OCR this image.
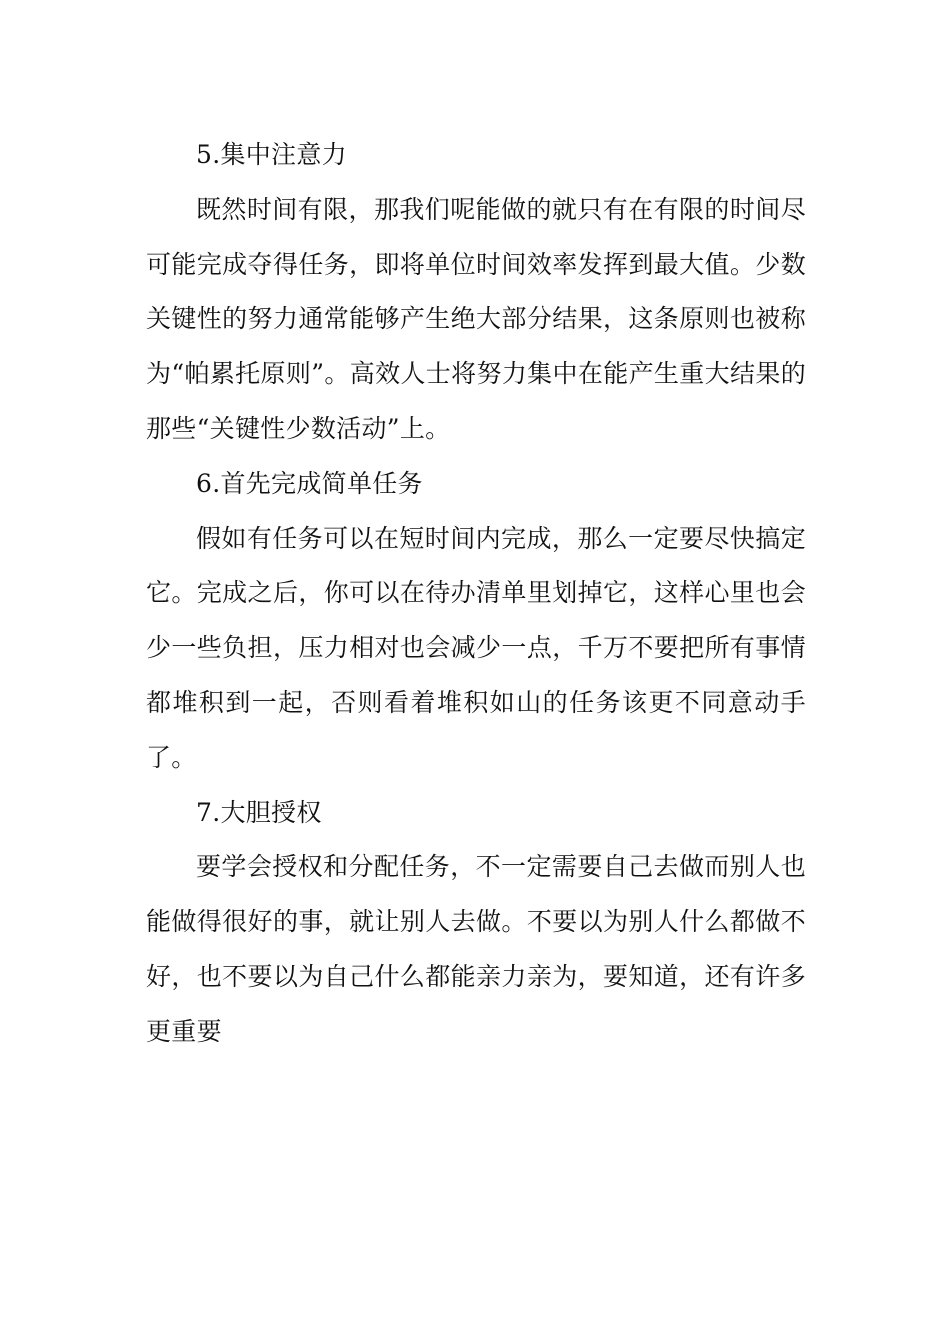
5.集中注意力

既然时间有限，那我们呢能做的就只有在有限的时间尽可能完成夺得任务，即将单位时间效率发挥到最大值。少数关键性的努力通常能够产生绝大部分结果，这条原则也被称为“帕累托原则”。高效人士将努力集中在能产生重大结果的那些“关键性少数活动”上。

6.首先完成简单任务

假如有任务可以在短时间内完成，那么一定要尽快搞定它。完成之后，你可以在待办清单里划掉它，这样心里也会少一些负担，压力相对也会减少一点，千万不要把所有事情都堆积到一起，否则看着堆积如山的任务该更不同意动手了。

7.大胆授权

要学会授权和分配任务，不一定需要自己去做而别人也能做得很好的事，就让别人去做。不要以为别人什么都做不好，也不要以为自己什么都能亲力亲为，要知道，还有许多更重要
